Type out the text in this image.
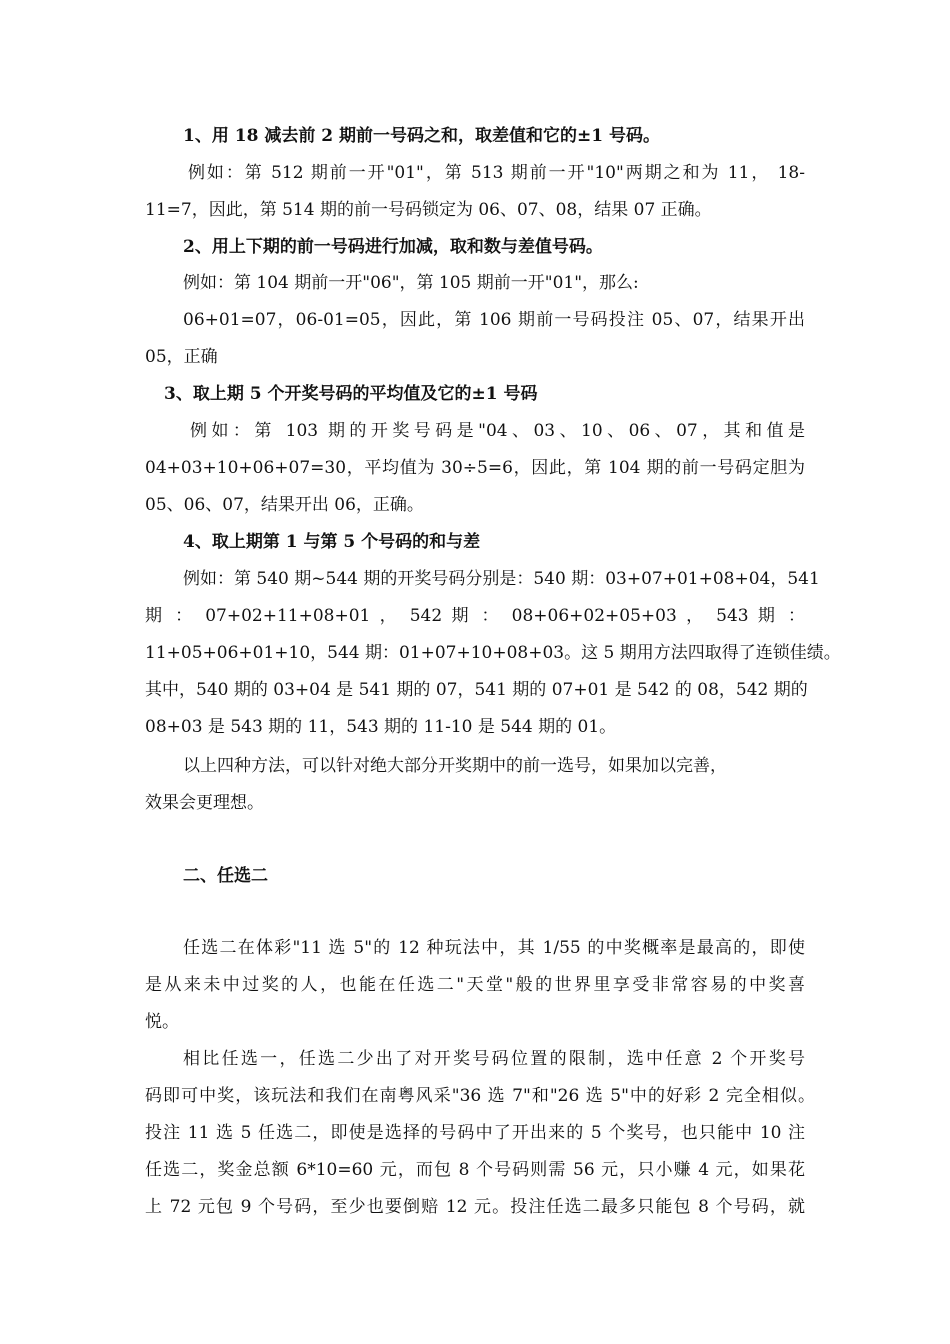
1、用 18 减去前 2 期前一号码之和，取差值和它的±1 号码。
例如：第 512 期前一开"01"，第 513 期前一开"10"两期之和为 11， 18-
11=7，因此，第 514 期的前一号码锁定为 06、07、08，结果 07 正确。
2、用上下期的前一号码进行加减，取和数与差值号码。
例如：第 104 期前一开"06"，第 105 期前一开"01"，那么:
06+01=07，06-01=05，因此，第 106 期前一号码投注 05、07，结果开出
05，正确
3、取上期 5 个开奖号码的平均值及它的±1 号码
例如：第 103 期的开奖号码是"04、03、10、06、07，其和值是
04+03+10+06+07=30，平均值为 30÷5=6，因此，第 104 期的前一号码定胆为
05、06、07，结果开出 06，正确。
4、取上期第 1 与第 5 个号码的和与差
例如：第 540 期~544 期的开奖号码分别是：540 期：03+07+01+08+04，541
期 ： 07+02+11+08+01 ， 542 期 ： 08+06+02+05+03 ， 543 期 ：
11+05+06+01+10，544 期：01+07+10+08+03。这 5 期用方法四取得了连锁佳绩。
其中，540 期的 03+04 是 541 期的 07，541 期的 07+01 是 542 的 08，542 期的
08+03 是 543 期的 11，543 期的 11-10 是 544 期的 01。
以上四种方法，可以针对绝大部分开奖期中的前一选号，如果加以完善，
效果会更理想。
二、任选二
任选二在体彩"11 选 5"的 12 种玩法中，其 1/55 的中奖概率是最高的，即使
是从来未中过奖的人，也能在任选二"天堂"般的世界里享受非常容易的中奖喜
悦。
相比任选一，任选二少出了对开奖号码位置的限制，选中任意 2 个开奖号
码即可中奖，该玩法和我们在南粤风采"36 选 7"和"26 选 5"中的好彩 2 完全相似。
投注 11 选 5 任选二，即使是选择的号码中了开出来的 5 个奖号，也只能中 10 注
任选二，奖金总额 6*10=60 元，而包 8 个号码则需 56 元，只小赚 4 元，如果花
上 72 元包 9 个号码，至少也要倒赔 12 元。投注任选二最多只能包 8 个号码，就
